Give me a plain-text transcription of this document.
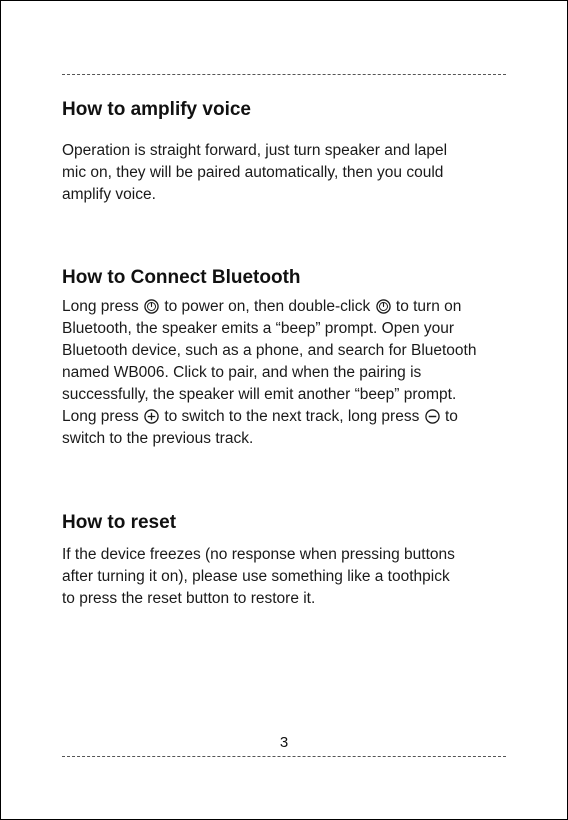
How to amplify voice
Operation is straight forward, just turn speaker and lapel
mic on, they will be paired automatically, then you could
amplify voice.
How to Connect Bluetooth
Long press to power on, then double-click to turn on
Bluetooth, the speaker emits a “beep” prompt. Open your
Bluetooth device, such as a phone, and search for Bluetooth
named WB006. Click to pair, and when the pairing is
successfully, the speaker will emit another “beep” prompt.
Long press to switch to the next track, long press to
switch to the previous track.
How to reset
If the device freezes (no response when pressing buttons
after turning it on), please use something like a toothpick
to press the reset button to restore it.
3
